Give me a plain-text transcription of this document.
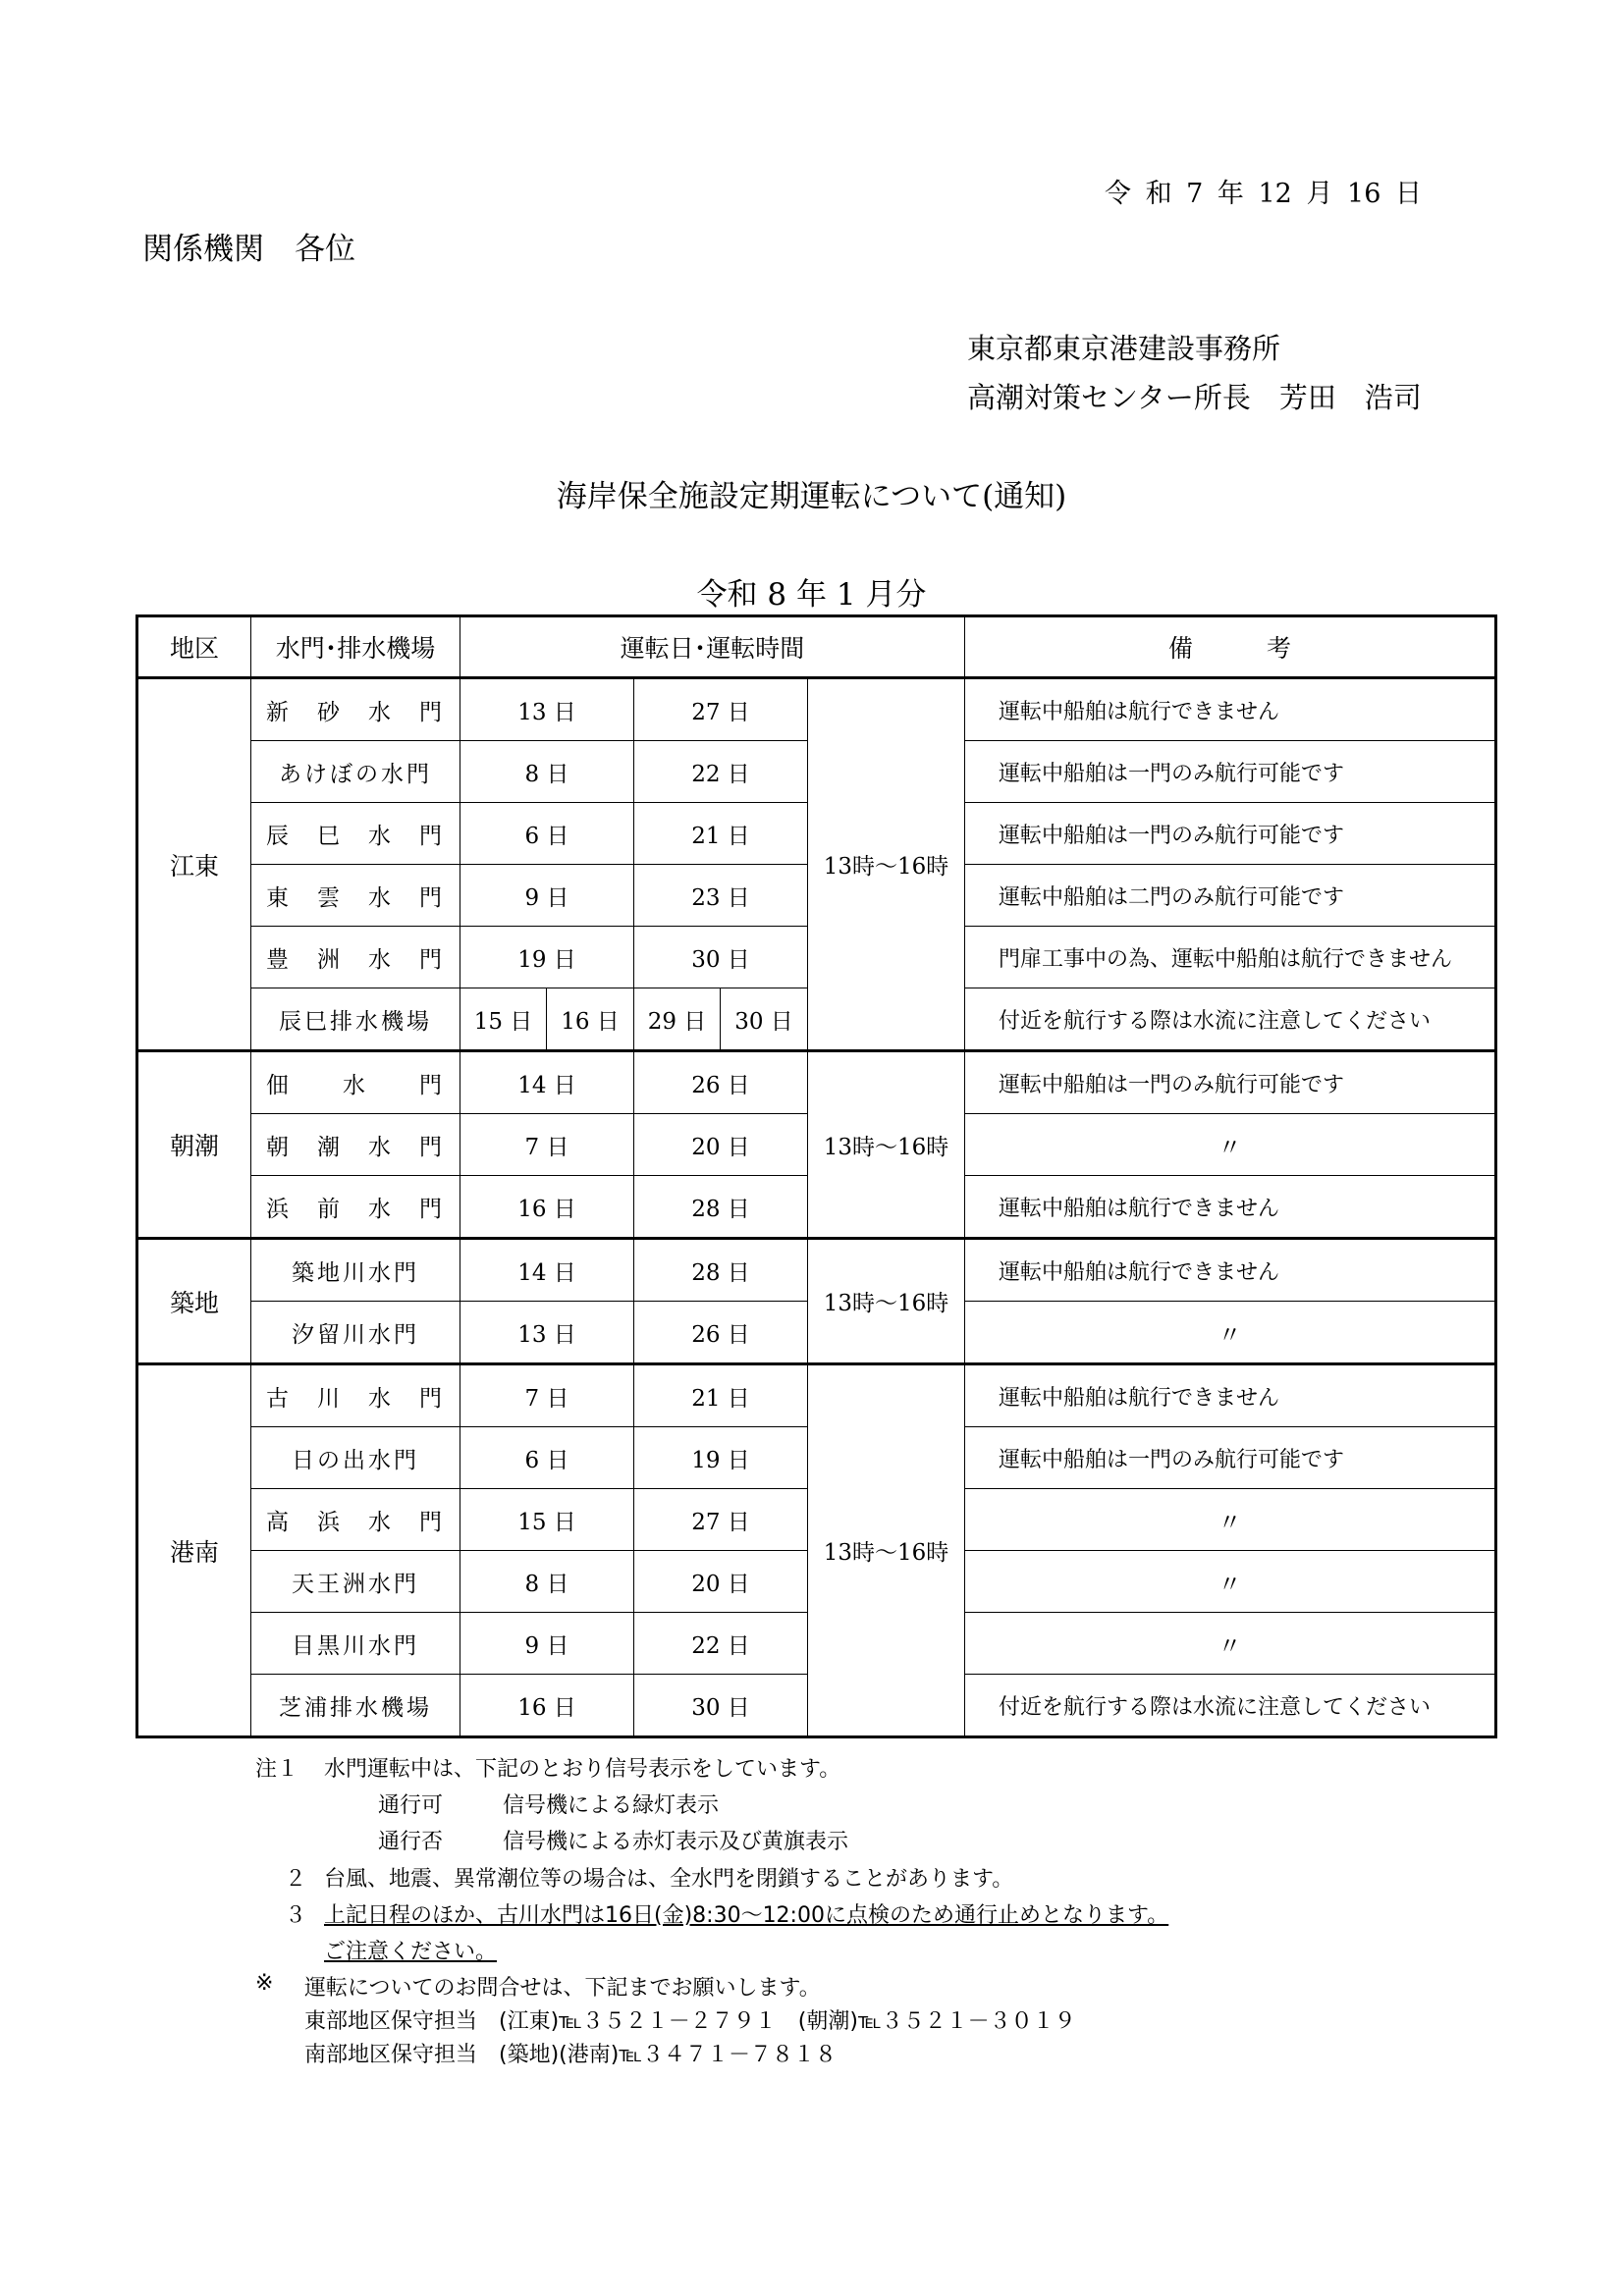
令 和 7 年 12 月 16 日
関係機関　各位
東京都東京港建設事務所
高潮対策センター所長　芳田　浩司
海岸保全施設定期運転について(通知)
令和 8 年 1 月分
地区	水門･排水機場	運転日･運転時間					備　　　考
江東	新　砂　水　門	13 日		27 日		13時～16時	運転中船舶は航行できません
	あけぼの水門	8 日		22 日			運転中船舶は一門のみ航行可能です
	辰　巳　水　門	6 日		21 日			運転中船舶は一門のみ航行可能です
	東　雲　水　門	9 日		23 日			運転中船舶は二門のみ航行可能です
	豊　洲　水　門	19 日		30 日			門扉工事中の為、運転中船舶は航行できません
	辰巳排水機場	15 日	16 日	29 日	30 日		付近を航行する際は水流に注意してください
朝潮	佃　　水　　門	14 日		26 日		13時～16時	運転中船舶は一門のみ航行可能です
	朝　潮　水　門	7 日		20 日			〃
	浜　前　水　門	16 日		28 日			運転中船舶は航行できません
築地	築地川水門	14 日		28 日		13時～16時	運転中船舶は航行できません
	汐留川水門	13 日		26 日			〃
港南	古　川　水　門	7 日		21 日		13時～16時	運転中船舶は航行できません
	日の出水門	6 日		19 日			運転中船舶は一門のみ航行可能です
	高　浜　水　門	15 日		27 日			〃
	天王洲水門	8 日		20 日			〃
	目黒川水門	9 日		22 日			〃
	芝浦排水機場	16 日		30 日			付近を航行する際は水流に注意してください
注１ 水門運転中は、下記のとおり信号表示をしています。
通行可	信号機による緑灯表示
通行否	信号機による赤灯表示及び黄旗表示
２ 台風、地震、異常潮位等の場合は、全水門を閉鎖することがあります。
３ 上記日程のほか、古川水門は16日(金)8:30～12:00に点検のため通行止めとなります。
ご注意ください。
※ 運転についてのお問合せは、下記までお願いします。
東部地区保守担当　(江東)℡３５２１－２７９１　(朝潮)℡３５２１－３０１９
南部地区保守担当　(築地)(港南)℡３４７１－７８１８
